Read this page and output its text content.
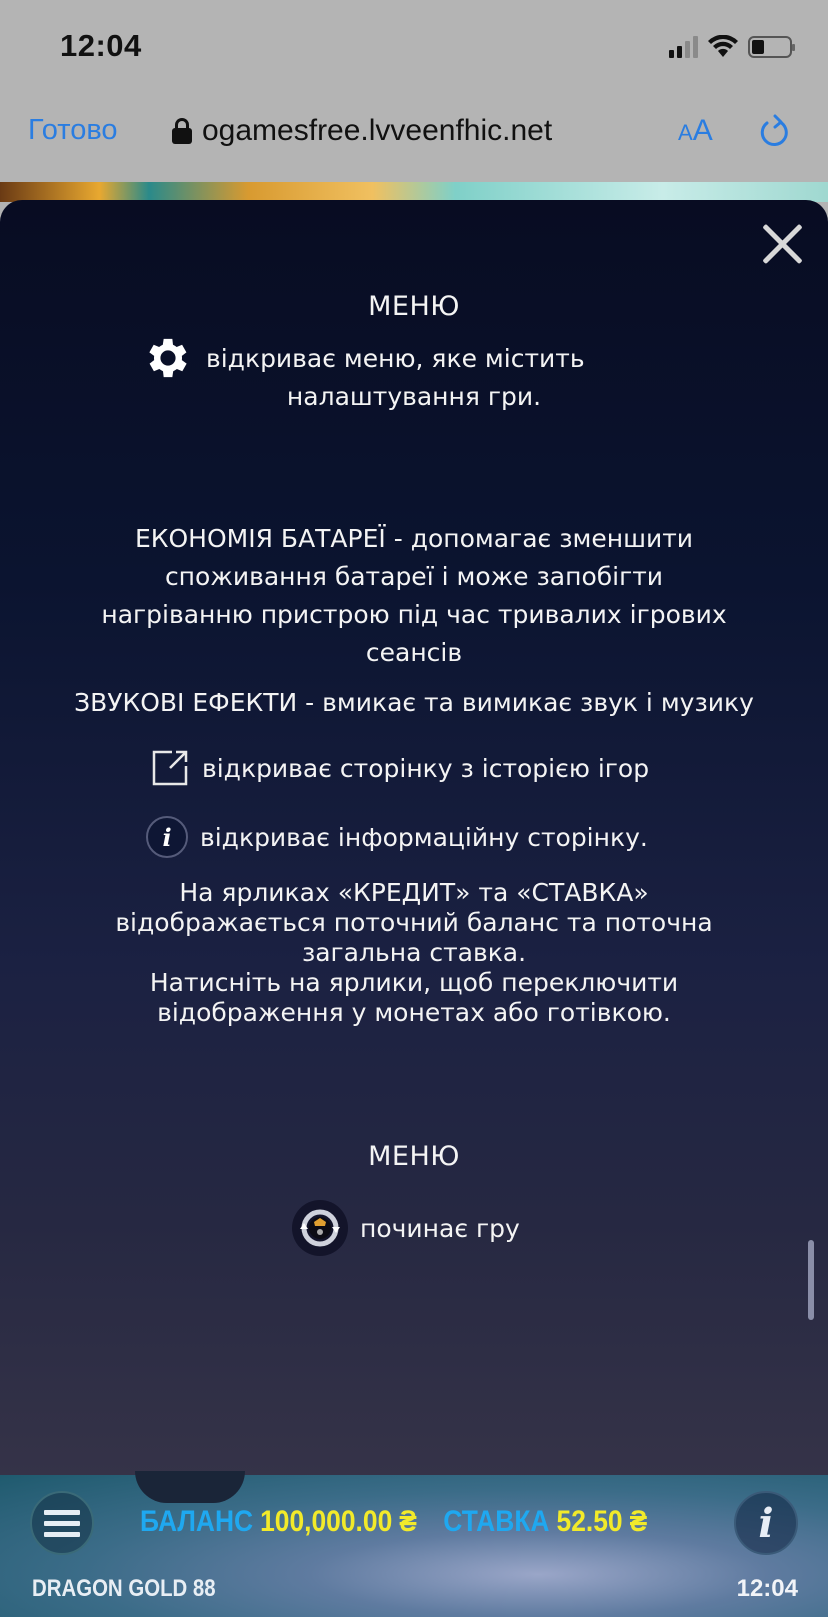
12:04
Готово	ogamesfree.lvveenfhic.net	AA
МЕНЮ
відкриває меню, яке містить
налаштування гри.
ЕКОНОМІЯ БАТАРЕЇ - допомагає зменшити
споживання батареї і може запобігти
нагріванню пристрою під час тривалих ігрових
сеансів
ЗВУКОВІ ЕФЕКТИ - вмикає та вимикає звук і музику
відкриває сторінку з історією ігор
i	відкриває інформаційну сторінку.
На ярликах «КРЕДИТ» та «СТАВКА»
відображається поточний баланс та поточна
загальна ставка.
Натисніть на ярлики, щоб переключити
відображення у монетах або готівкою.
МЕНЮ
починає гру
БАЛАНС 100,000.00 ₴ СТАВКА 52.50 ₴	i
DRAGON GOLD 88	12:04
